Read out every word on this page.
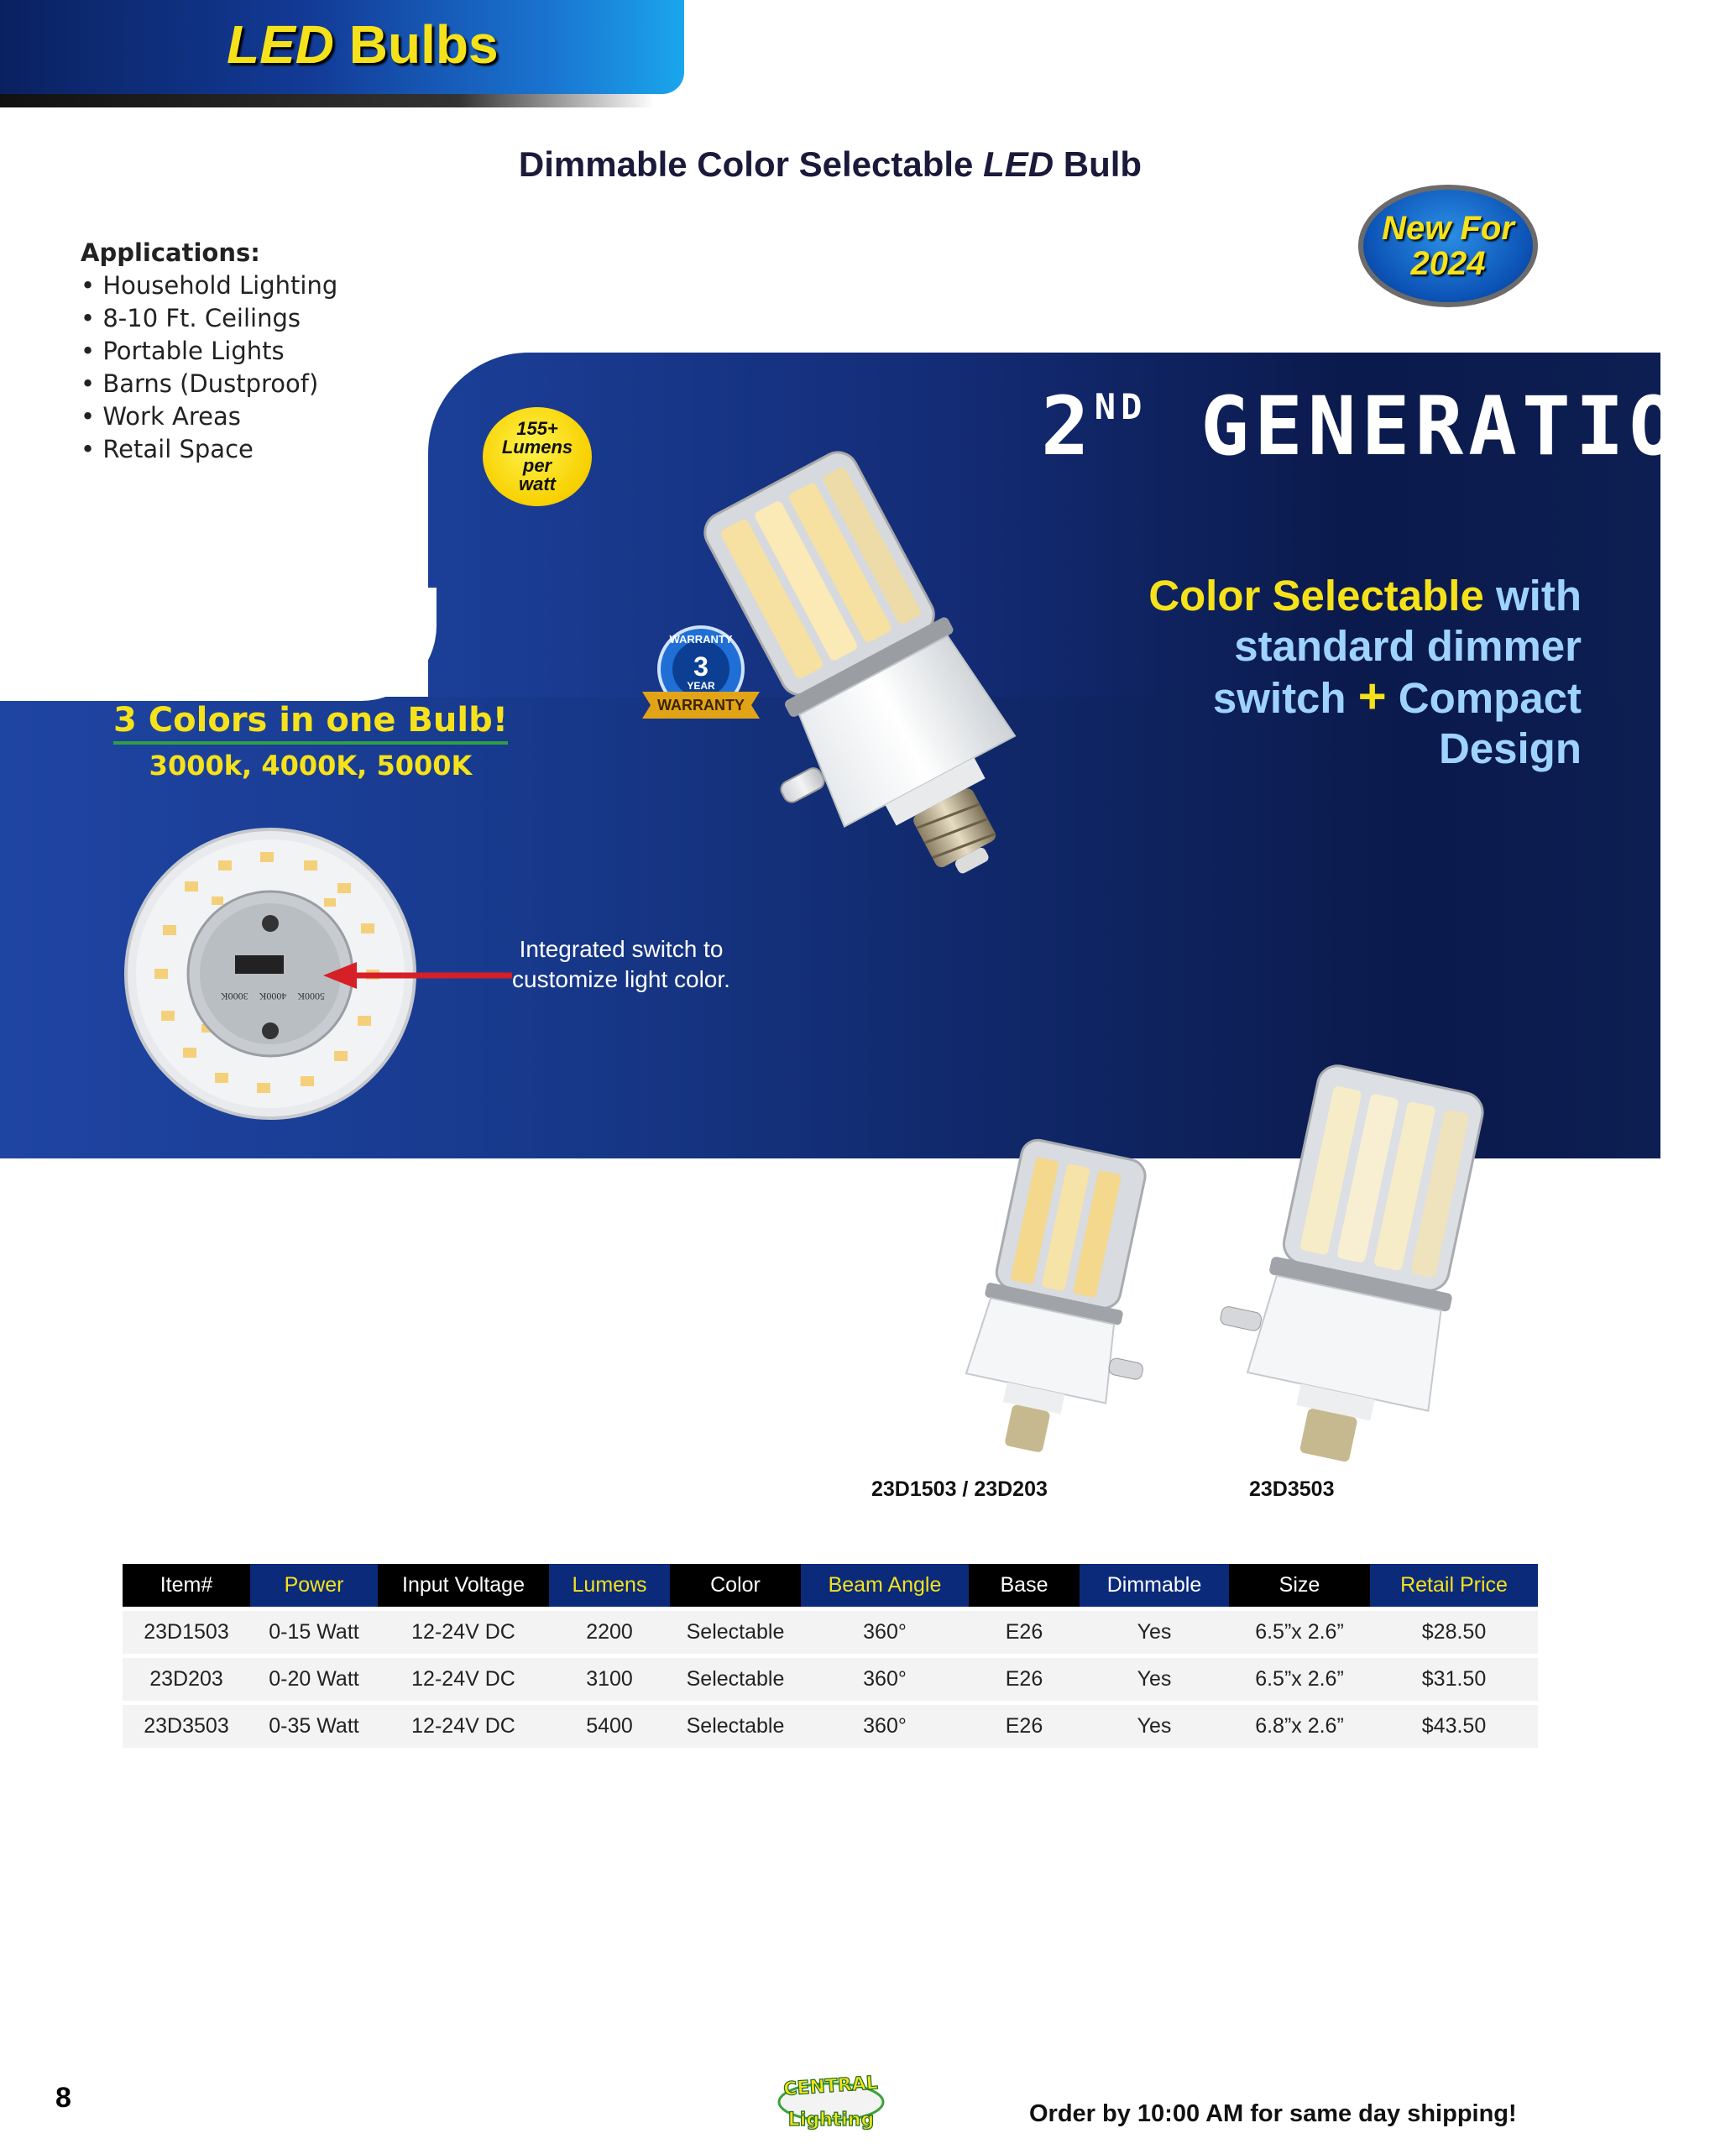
LED Bulbs
Dimmable Color Selectable LED Bulb
New For
2024
Applications:
• Household Lighting
• 8-10 Ft. Ceilings
• Portable Lights
• Barns (Dustproof)
• Work Areas
• Retail Space	2ND GENERATION
Color Selectable with
standard dimmer
switch + Compact
Design
155+
Lumens
per
watt
WARRANTY
3
YEAR
WARRANTY
3 Colors in one Bulb!
3000k, 4000K, 5000K
5000K 4000K 3000K
Integrated switch to customize light color.
23D1503 / 23D203	23D3503
Item#	Power	Input Voltage	Lumens	Color	Beam Angle	Base	Dimmable	Size	Retail Price
23D1503	0-15 Watt	12-24V DC	2200	Selectable	360°	E26	Yes	6.5”x 2.6”	$28.50
23D203	0-20 Watt	12-24V DC	3100	Selectable	360°	E26	Yes	6.5”x 2.6”	$31.50
23D3503	0-35 Watt	12-24V DC	5400	Selectable	360°	E26	Yes	6.8”x 2.6”	$43.50
8	CENTRAL
Lighting	Order by 10:00 AM for same day shipping!
